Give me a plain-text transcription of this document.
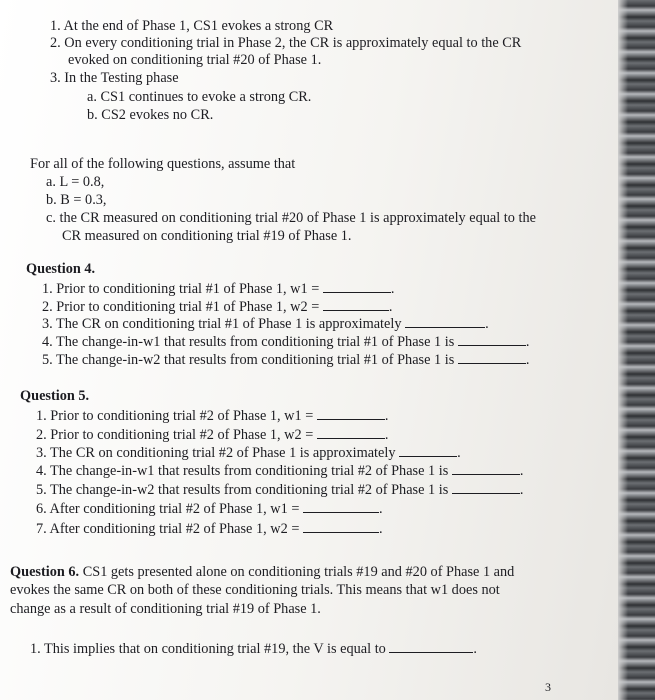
1. At the end of Phase 1, CS1 evokes a strong CR
2. On every conditioning trial in Phase 2, the CR is approximately equal to the CR
evoked on conditioning trial #20 of Phase 1.
3. In the Testing phase
a. CS1 continues to evoke a strong CR.
b. CS2 evokes no CR.
For all of the following questions, assume that
a. L = 0.8,
b. B = 0.3,
c. the CR measured on conditioning trial #20 of Phase 1 is approximately equal to the
CR measured on conditioning trial #19 of Phase 1.
Question 4.
1. Prior to conditioning trial #1 of Phase 1, w1 =	.
2. Prior to conditioning trial #1 of Phase 1, w2 =	.
3. The CR on conditioning trial #1 of Phase 1 is approximately	.
4. The change-in-w1 that results from conditioning trial #1 of Phase 1 is	.
5. The change-in-w2 that results from conditioning trial #1 of Phase 1 is	.
Question 5.
1. Prior to conditioning trial #2 of Phase 1, w1 =	.
2. Prior to conditioning trial #2 of Phase 1, w2 =	.
3. The CR on conditioning trial #2 of Phase 1 is approximately	.
4. The change-in-w1 that results from conditioning trial #2 of Phase 1 is	.
5. The change-in-w2 that results from conditioning trial #2 of Phase 1 is	.
6. After conditioning trial #2 of Phase 1, w1 =	.
7. After conditioning trial #2 of Phase 1, w2 =	.
Question 6. CS1 gets presented alone on conditioning trials #19 and #20 of Phase 1 and
evokes the same CR on both of these conditioning trials. This means that w1 does not
change as a result of conditioning trial #19 of Phase 1.
1. This implies that on conditioning trial #19, the V is equal to	.
3
